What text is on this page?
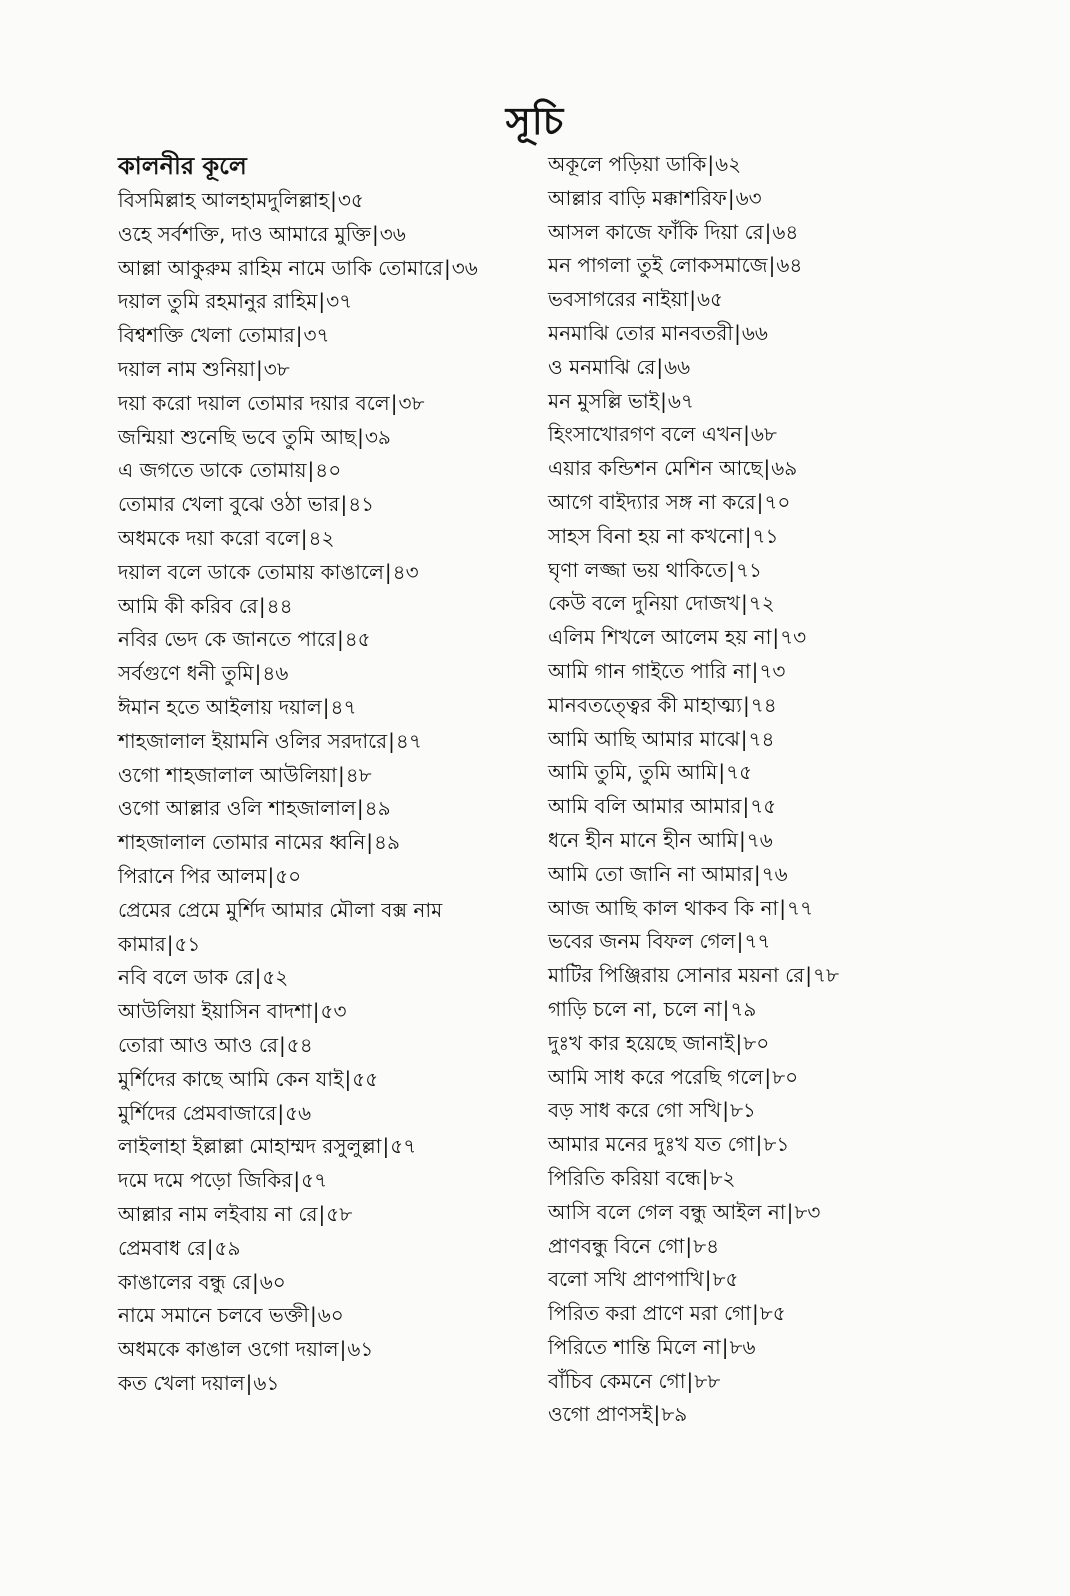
সূচি
কালনীর কূলে
বিসমিল্লাহ আলহামদুলিল্লাহ|৩৫
ওহে সর্বশক্তি, দাও আমারে মুক্তি|৩৬
আল্লা আকুরুম রাহিম নামে ডাকি তোমারে|৩৬
দয়াল তুমি রহমানুর রাহিম|৩৭
বিশ্বশক্তি খেলা তোমার|৩৭
দয়াল নাম শুনিয়া|৩৮
দয়া করো দয়াল তোমার দয়ার বলে|৩৮
জন্মিয়া শুনেছি ভবে তুমি আছ|৩৯
এ জগতে ডাকে তোমায়|৪০
তোমার খেলা বুঝে ওঠা ভার|৪১
অধমকে দয়া করো বলে|৪২
দয়াল বলে ডাকে তোমায় কাঙালে|৪৩
আমি কী করিব রে|৪৪
নবির ভেদ কে জানতে পারে|৪৫
সর্বগুণে ধনী তুমি|৪৬
ঈমান হতে আইলায় দয়াল|৪৭
শাহজালাল ইয়ামনি ওলির সরদারে|৪৭
ওগো শাহজালাল আউলিয়া|৪৮
ওগো আল্লার ওলি শাহজালাল|৪৯
শাহজালাল তোমার নামের ধ্বনি|৪৯
পিরানে পির আলম|৫০
প্রেমের প্রেমে মুর্শিদ আমার মৌলা বক্স নাম
কামার|৫১
নবি বলে ডাক রে|৫২
আউলিয়া ইয়াসিন বাদশা|৫৩
তোরা আও আও রে|৫৪
মুর্শিদের কাছে আমি কেন যাই|৫৫
মুর্শিদের প্রেমবাজারে|৫৬
লাইলাহা ইল্লাল্লা মোহাম্মদ রসুলুল্লা|৫৭
দমে দমে পড়ো জিকির|৫৭
আল্লার নাম লইবায় না রে|৫৮
প্রেমবাধ রে|৫৯
কাঙালের বন্ধু রে|৬০
নামে সমানে চলবে ভক্তী|৬০
অধমকে কাঙাল ওগো দয়াল|৬১
কত খেলা দয়াল|৬১
অকূলে পড়িয়া ডাকি|৬২
আল্লার বাড়ি মক্কাশরিফ|৬৩
আসল কাজে ফাঁকি দিয়া রে|৬৪
মন পাগলা তুই লোকসমাজে|৬৪
ভবসাগরের নাইয়া|৬৫
মনমাঝি তোর মানবতরী|৬৬
ও মনমাঝি রে|৬৬
মন মুসল্লি ভাই|৬৭
হিংসাখোরগণ বলে এখন|৬৮
এয়ার কন্ডিশন মেশিন আছে|৬৯
আগে বাইদ্যার সঙ্গ না করে|৭০
সাহস বিনা হয় না কখনো|৭১
ঘৃণা লজ্জা ভয় থাকিতে|৭১
কেউ বলে দুনিয়া দোজখ|৭২
এলিম শিখলে আলেম হয় না|৭৩
আমি গান গাইতে পারি না|৭৩
মানবতত্ত্বের কী মাহাত্ম্য|৭৪
আমি আছি আমার মাঝে|৭৪
আমি তুমি, তুমি আমি|৭৫
আমি বলি আমার আমার|৭৫
ধনে হীন মানে হীন আমি|৭৬
আমি তো জানি না আমার|৭৬
আজ আছি কাল থাকব কি না|৭৭
ভবের জনম বিফল গেল|৭৭
মাটির পিঞ্জিরায় সোনার ময়না রে|৭৮
গাড়ি চলে না, চলে না|৭৯
দুঃখ কার হয়েছে জানাই|৮০
আমি সাধ করে পরেছি গলে|৮০
বড় সাধ করে গো সখি|৮১
আমার মনের দুঃখ যত গো|৮১
পিরিতি করিয়া বন্ধে|৮২
আসি বলে গেল বন্ধু আইল না|৮৩
প্রাণবন্ধু বিনে গো|৮৪
বলো সখি প্রাণপাখি|৮৫
পিরিত করা প্রাণে মরা গো|৮৫
পিরিতে শান্তি মিলে না|৮৬
বাঁচিব কেমনে গো|৮৮
ওগো প্রাণসই|৮৯
